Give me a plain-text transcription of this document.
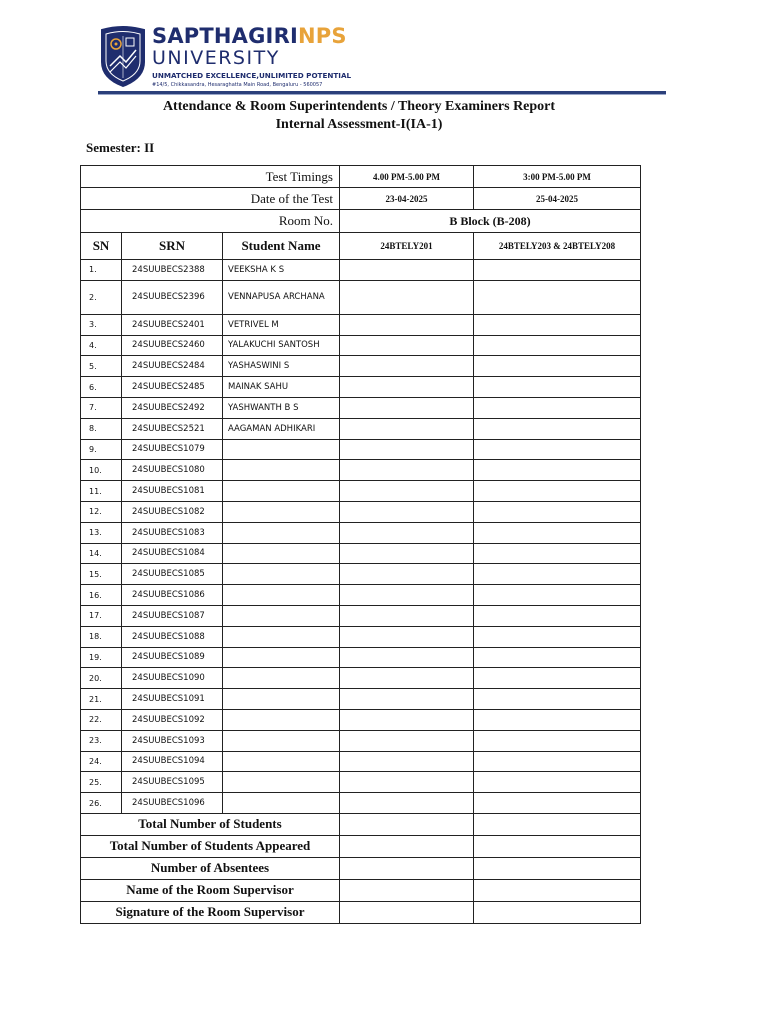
SAPTHAGIRINPS
UNIVERSITY
UNMATCHED EXCELLENCE,UNLIMITED POTENTIAL
#14/5, Chikkasandra, Hesaraghatta Main Road, Bengaluru - 560057
Attendance & Room Superintendents / Theory Examiners Report
Internal Assessment-I(IA-1)
Semester: II
Test Timings			4.00 PM-5.00 PM	3:00 PM-5.00 PM
Date of the Test			23-04-2025	25-04-2025
Room No.			B Block (B-208)	
SN	SRN	Student Name	24BTELY201	24BTELY203 & 24BTELY208
1.	24SUUBECS2388	VEEKSHA K S		
2.	24SUUBECS2396	VENNAPUSA ARCHANA		
3.	24SUUBECS2401	VETRIVEL M		
4.	24SUUBECS2460	YALAKUCHI SANTOSH		
5.	24SUUBECS2484	YASHASWINI S		
6.	24SUUBECS2485	MAINAK SAHU		
7.	24SUUBECS2492	YASHWANTH B S		
8.	24SUUBECS2521	AAGAMAN ADHIKARI		
9.	24SUUBECS1079			
10.	24SUUBECS1080			
11.	24SUUBECS1081			
12.	24SUUBECS1082			
13.	24SUUBECS1083			
14.	24SUUBECS1084			
15.	24SUUBECS1085			
16.	24SUUBECS1086			
17.	24SUUBECS1087			
18.	24SUUBECS1088			
19.	24SUUBECS1089			
20.	24SUUBECS1090			
21.	24SUUBECS1091			
22.	24SUUBECS1092			
23.	24SUUBECS1093			
24.	24SUUBECS1094			
25.	24SUUBECS1095			
26.	24SUUBECS1096			
Total Number of Students				
Total Number of Students Appeared				
Number of Absentees				
Name of the Room Supervisor				
Signature of the Room Supervisor				
